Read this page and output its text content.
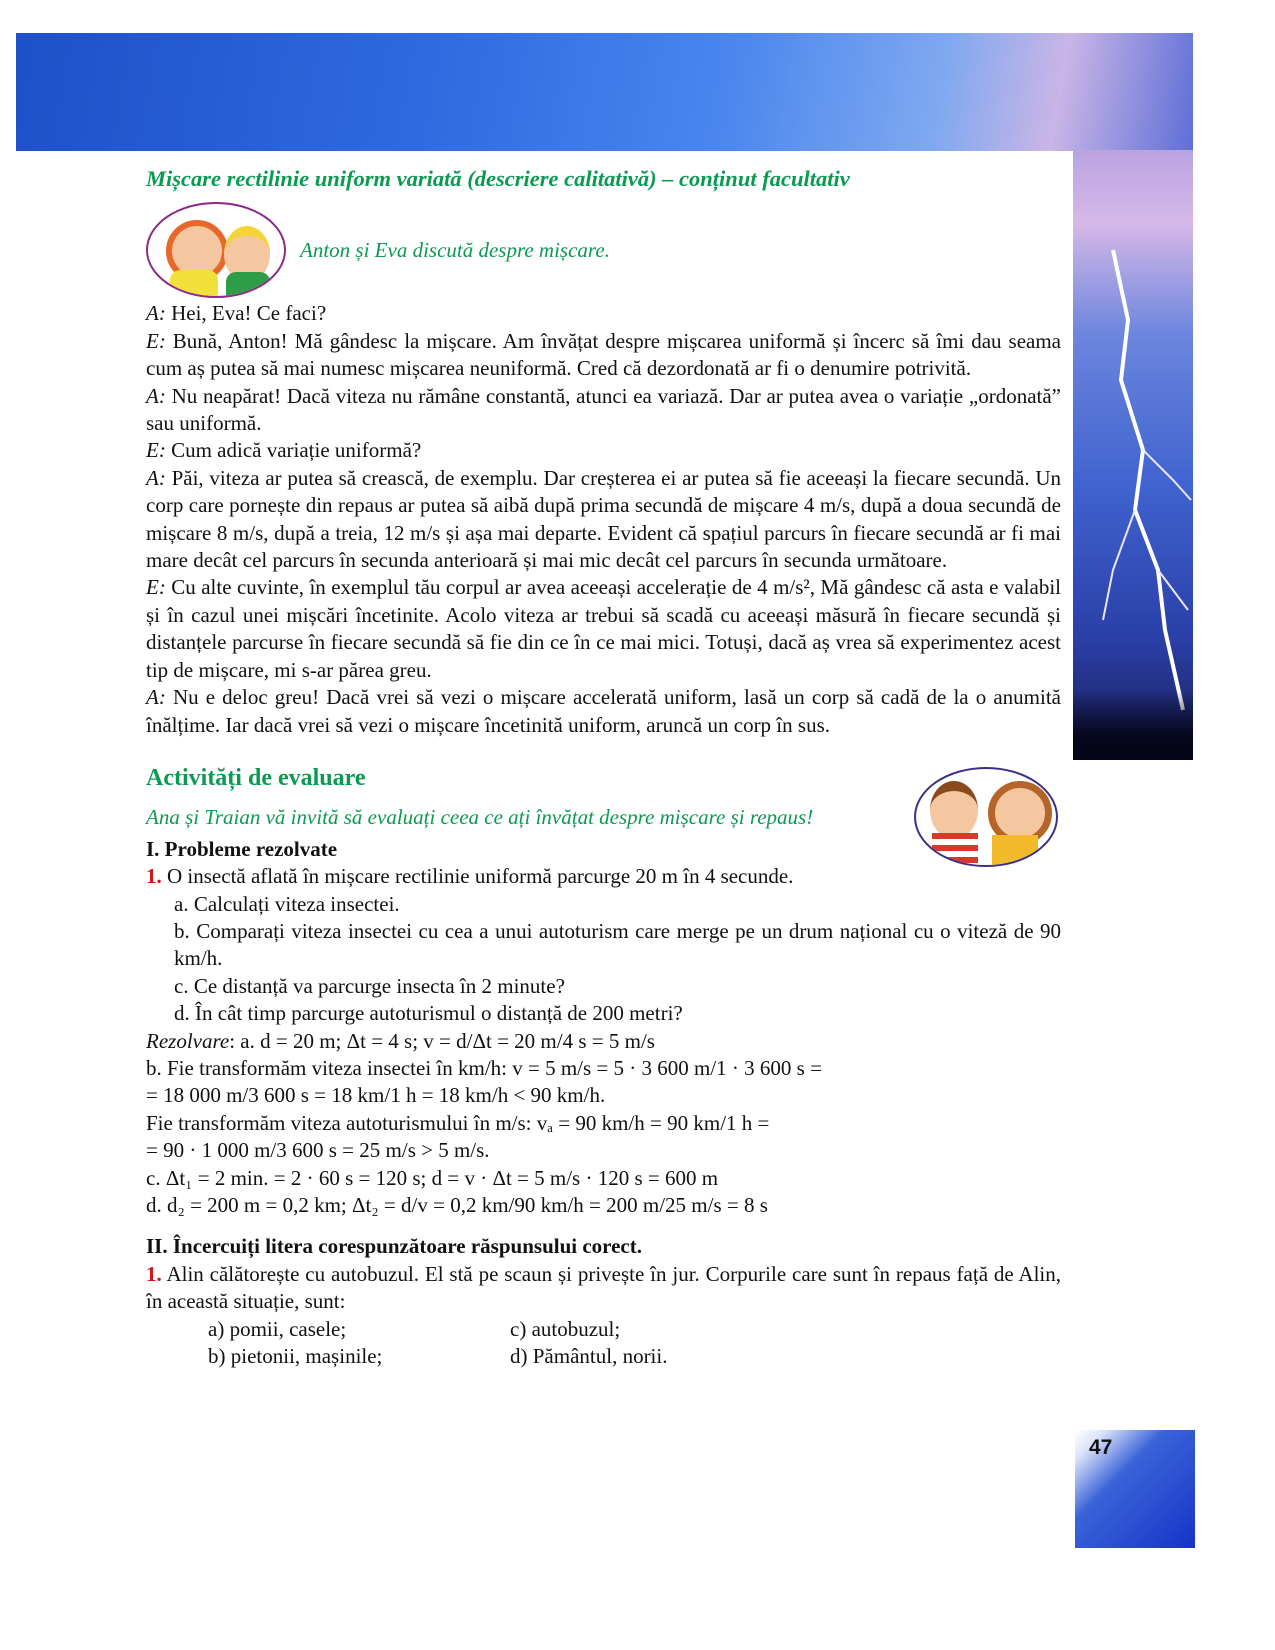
Mișcare rectilinie uniform variată (descriere calitativă) – conținut facultativ

Anton și Eva discută despre mișcare.

A: Hei, Eva! Ce faci?

E: Bună, Anton! Mă gândesc la mișcare. Am învățat despre mișcarea uniformă și încerc să îmi dau seama cum aș putea să mai numesc mișcarea neuniformă. Cred că dezordonată ar fi o denumire potrivită.

A: Nu neapărat! Dacă viteza nu rămâne constantă, atunci ea variază. Dar ar putea avea o variație „ordonată” sau uniformă.

E: Cum adică variație uniformă?

A: Păi, viteza ar putea să crească, de exemplu. Dar creșterea ei ar putea să fie aceeași la fiecare secundă. Un corp care pornește din repaus ar putea să aibă după prima secundă de mișcare 4 m/s, după a doua secundă de mișcare 8 m/s, după a treia, 12 m/s și așa mai departe. Evident că spațiul parcurs în fiecare secundă ar fi mai mare decât cel parcurs în secunda anterioară și mai mic decât cel parcurs în secunda următoare.

E: Cu alte cuvinte, în exemplul tău corpul ar avea aceeași accelerație de 4 m/s², Mă gândesc că asta e valabil și în cazul unei mișcări încetinite. Acolo viteza ar trebui să scadă cu aceeași măsură în fiecare secundă și distanțele parcurse în fiecare secundă să fie din ce în ce mai mici. Totuși, dacă aș vrea să experimentez acest tip de mișcare, mi s-ar părea greu.

A: Nu e deloc greu! Dacă vrei să vezi o mișcare accelerată uniform, lasă un corp să cadă de la o anumită înălțime. Iar dacă vrei să vezi o mișcare încetinită uniform, aruncă un corp în sus.

Activități de evaluare

Ana și Traian vă invită să evaluați ceea ce ați învățat despre mișcare și repaus!

I. Probleme rezolvate

1. O insectă aflată în mișcare rectilinie uniformă parcurge 20 m în 4 secunde.

a. Calculați viteza insectei.

b. Comparați viteza insectei cu cea a unui autoturism care merge pe un drum național cu o viteză de 90 km/h.

c. Ce distanță va parcurge insecta în 2 minute?

d. În cât timp parcurge autoturismul o distanță de 200 metri?

Rezolvare: a. d = 20 m; Δt = 4 s; v = d/Δt = 20 m/4 s = 5 m/s

b. Fie transformăm viteza insectei în km/h: v = 5 m/s = 5 · 3 600 m/1 · 3 600 s =

= 18 000 m/3 600 s = 18 km/1 h = 18 km/h < 90 km/h.

Fie transformăm viteza autoturismului în m/s: vₐ = 90 km/h = 90 km/1 h =

= 90 · 1 000 m/3 600 s = 25 m/s > 5 m/s.

c. Δt₁ = 2 min. = 2 · 60 s = 120 s; d = v · Δt = 5 m/s · 120 s = 600 m

d. d₂ = 200 m = 0,2 km; Δt₂ = d/v = 0,2 km/90 km/h = 200 m/25 m/s = 8 s

II. Încercuiți litera corespunzătoare răspunsului corect.

1. Alin călătorește cu autobuzul. El stă pe scaun și privește în jur. Corpurile care sunt în repaus față de Alin, în această situație, sunt:

a) pomii, casele;	c) autobuzul;
b) pietonii, mașinile;	d) Pământul, norii.
47
